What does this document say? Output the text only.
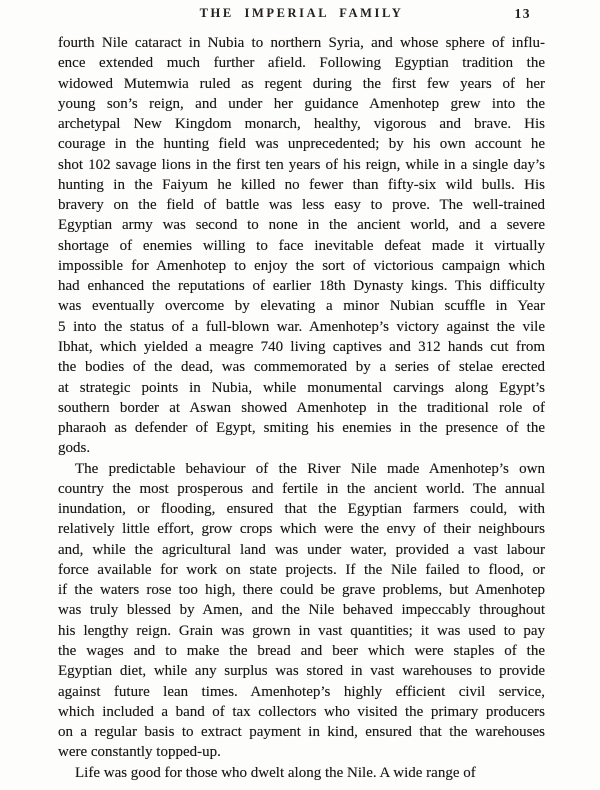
THE IMPERIAL FAMILY	13
fourth Nile cataract in Nubia to northern Syria, and whose sphere of influ-
ence extended much further afield. Following Egyptian tradition the
widowed Mutemwia ruled as regent during the first few years of her
young son’s reign, and under her guidance Amenhotep grew into the
archetypal New Kingdom monarch, healthy, vigorous and brave. His
courage in the hunting field was unprecedented; by his own account he
shot 102 savage lions in the first ten years of his reign, while in a single day’s
hunting in the Faiyum he killed no fewer than fifty-six wild bulls. His
bravery on the field of battle was less easy to prove. The well-trained
Egyptian army was second to none in the ancient world, and a severe
shortage of enemies willing to face inevitable defeat made it virtually
impossible for Amenhotep to enjoy the sort of victorious campaign which
had enhanced the reputations of earlier 18th Dynasty kings. This difficulty
was eventually overcome by elevating a minor Nubian scuffle in Year
5 into the status of a full-blown war. Amenhotep’s victory against the vile
Ibhat, which yielded a meagre 740 living captives and 312 hands cut from
the bodies of the dead, was commemorated by a series of stelae erected
at strategic points in Nubia, while monumental carvings along Egypt’s
southern border at Aswan showed Amenhotep in the traditional role of
pharaoh as defender of Egypt, smiting his enemies in the presence of the
gods.
The predictable behaviour of the River Nile made Amenhotep’s own
country the most prosperous and fertile in the ancient world. The annual
inundation, or flooding, ensured that the Egyptian farmers could, with
relatively little effort, grow crops which were the envy of their neighbours
and, while the agricultural land was under water, provided a vast labour
force available for work on state projects. If the Nile failed to flood, or
if the waters rose too high, there could be grave problems, but Amenhotep
was truly blessed by Amen, and the Nile behaved impeccably throughout
his lengthy reign. Grain was grown in vast quantities; it was used to pay
the wages and to make the bread and beer which were staples of the
Egyptian diet, while any surplus was stored in vast warehouses to provide
against future lean times. Amenhotep’s highly efficient civil service,
which included a band of tax collectors who visited the primary producers
on a regular basis to extract payment in kind, ensured that the warehouses
were constantly topped-up.
Life was good for those who dwelt along the Nile. A wide range of
